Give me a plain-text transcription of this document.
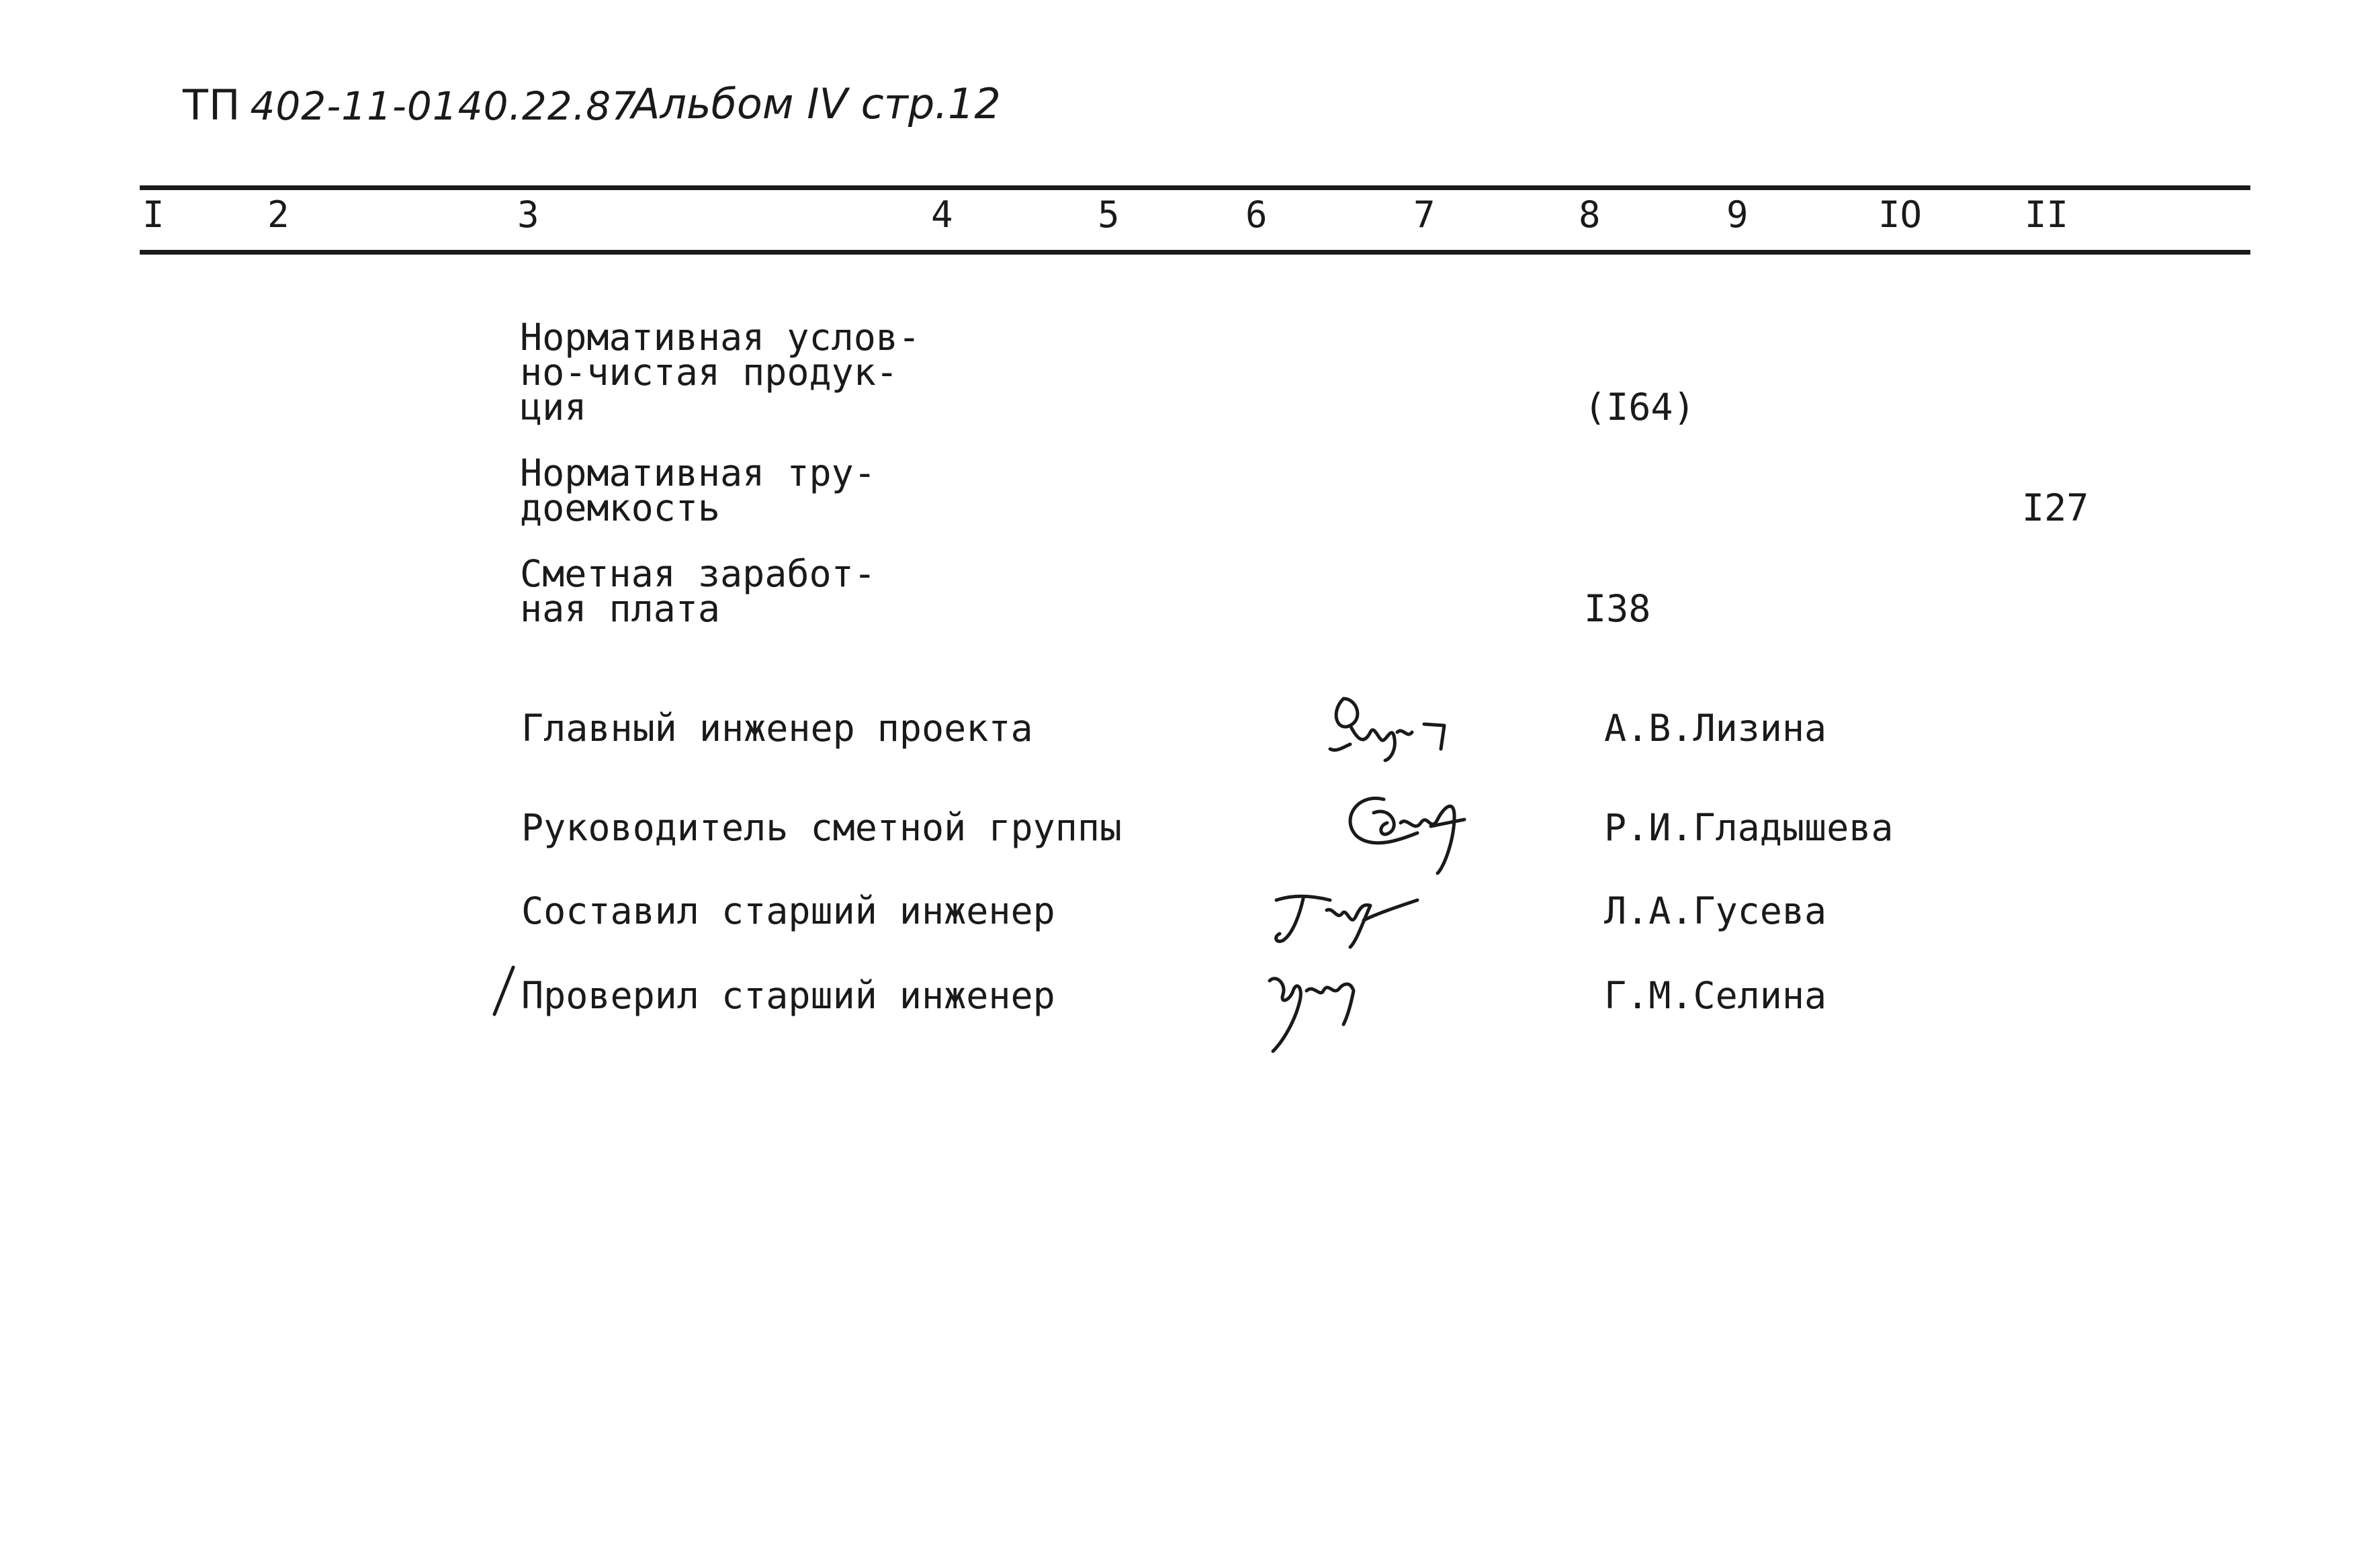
ТП 402-11-0140.22.87
Альбом IV стр.12
I	2	3	4	5	6	7	8	9	IO	II
Нормативная услов-
но-чистая продук-
ция	(I64)
Нормативная тру-
доемкость	I27
Сметная заработ-
ная плата	I38
Главный инженер проекта	А.В.Лизина
Руководитель сметной группы	Р.И.Гладышева
Составил старший инженер	Л.А.Гусева
Проверил старший инженер	Г.М.Селина
